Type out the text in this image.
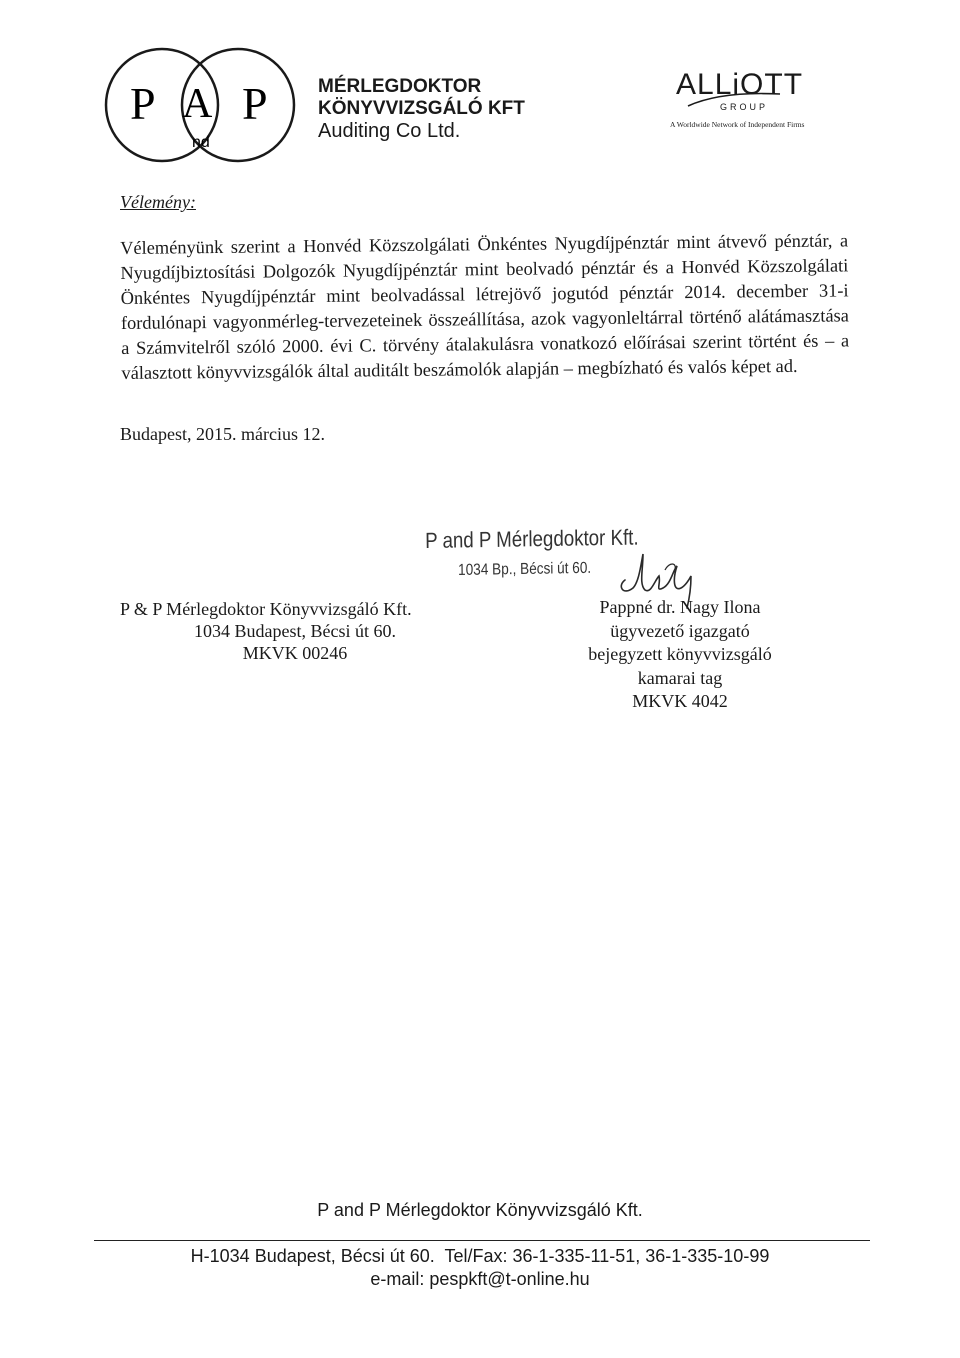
P A
nd
P	MÉRLEGDOKTOR
KÖNYVVIZSGÁLÓ KFT
Auditing Co Ltd.
ALLiOTT
GROUP
A Worldwide Network of Independent Firms
Vélemény:
Véleményünk szerint a Honvéd Közszolgálati Önkéntes Nyugdíjpénztár mint átvevő pénztár, a Nyugdíjbiztosítási Dolgozók Nyugdíjpénztár mint beolvadó pénztár és a Honvéd Közszolgálati Önkéntes Nyugdíjpénztár mint beolvadással létrejövő jogutód pénztár 2014. december 31-i fordulónapi vagyonmérleg-tervezeteinek összeállítása, azok vagyonleltárral történő alátámasztása a Számvitelről szóló 2000. évi C. törvény átalakulásra vonatkozó előírásai szerint történt és – a választott könyvvizsgálók által auditált beszámolók alapján – megbízható és valós képet ad.
Budapest, 2015. március 12.
P and P Mérlegdoktor Kft.
1034 Bp., Bécsi út 60.
P & P Mérlegdoktor Könyvvizsgáló Kft.
1034 Budapest, Bécsi út 60.
MKVK 00246
Pappné dr. Nagy Ilona
ügyvezető igazgató
bejegyzett könyvvizsgáló
kamarai tag
MKVK 4042
P and P Mérlegdoktor Könyvvizsgáló Kft.
H-1034 Budapest, Bécsi út 60.  Tel/Fax: 36-1-335-11-51, 36-1-335-10-99
e-mail: pespkft@t-online.hu
